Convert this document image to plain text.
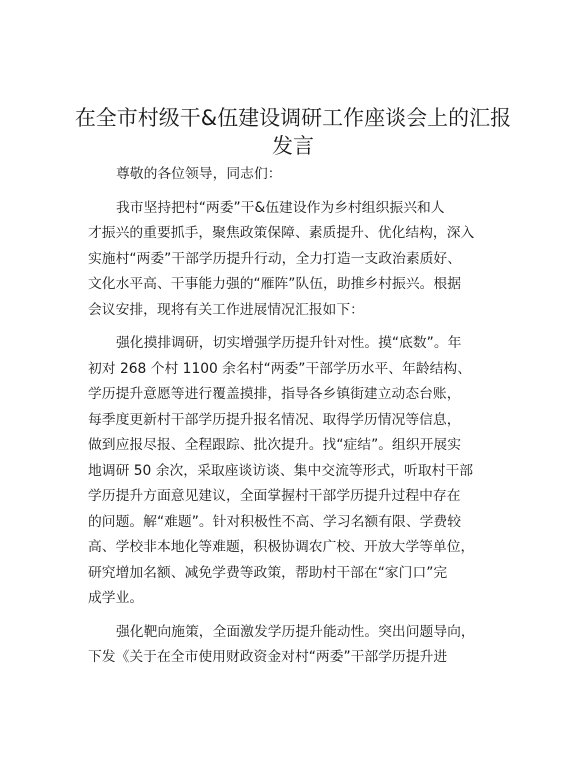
在全市村级干&伍建设调研工作座谈会上的汇报
发言
尊敬的各位领导，同志们：
我市坚持把村“两委”干&伍建设作为乡村组织振兴和人
才振兴的重要抓手，聚焦政策保障、素质提升、优化结构，深入
实施村“两委”干部学历提升行动，全力打造一支政治素质好、
文化水平高、干事能力强的“雁阵”队伍，助推乡村振兴。根据
会议安排，现将有关工作进展情况汇报如下：
强化摸排调研，切实增强学历提升针对性。摸“底数”。年
初对 268 个村 1100 余名村“两委”干部学历水平、年龄结构、
学历提升意愿等进行覆盖摸排，指导各乡镇街建立动态台账，
每季度更新村干部学历提升报名情况、取得学历情况等信息，
做到应报尽报、全程跟踪、批次提升。找“症结”。组织开展实
地调研 50 余次，采取座谈访谈、集中交流等形式，听取村干部
学历提升方面意见建议，全面掌握村干部学历提升过程中存在
的问题。解“难题”。针对积极性不高、学习名额有限、学费较
高、学校非本地化等难题，积极协调农广校、开放大学等单位，
研究增加名额、减免学费等政策，帮助村干部在“家门口”完
成学业。
强化靶向施策，全面激发学历提升能动性。突出问题导向，
下发《关于在全市使用财政资金对村“两委”干部学历提升进
